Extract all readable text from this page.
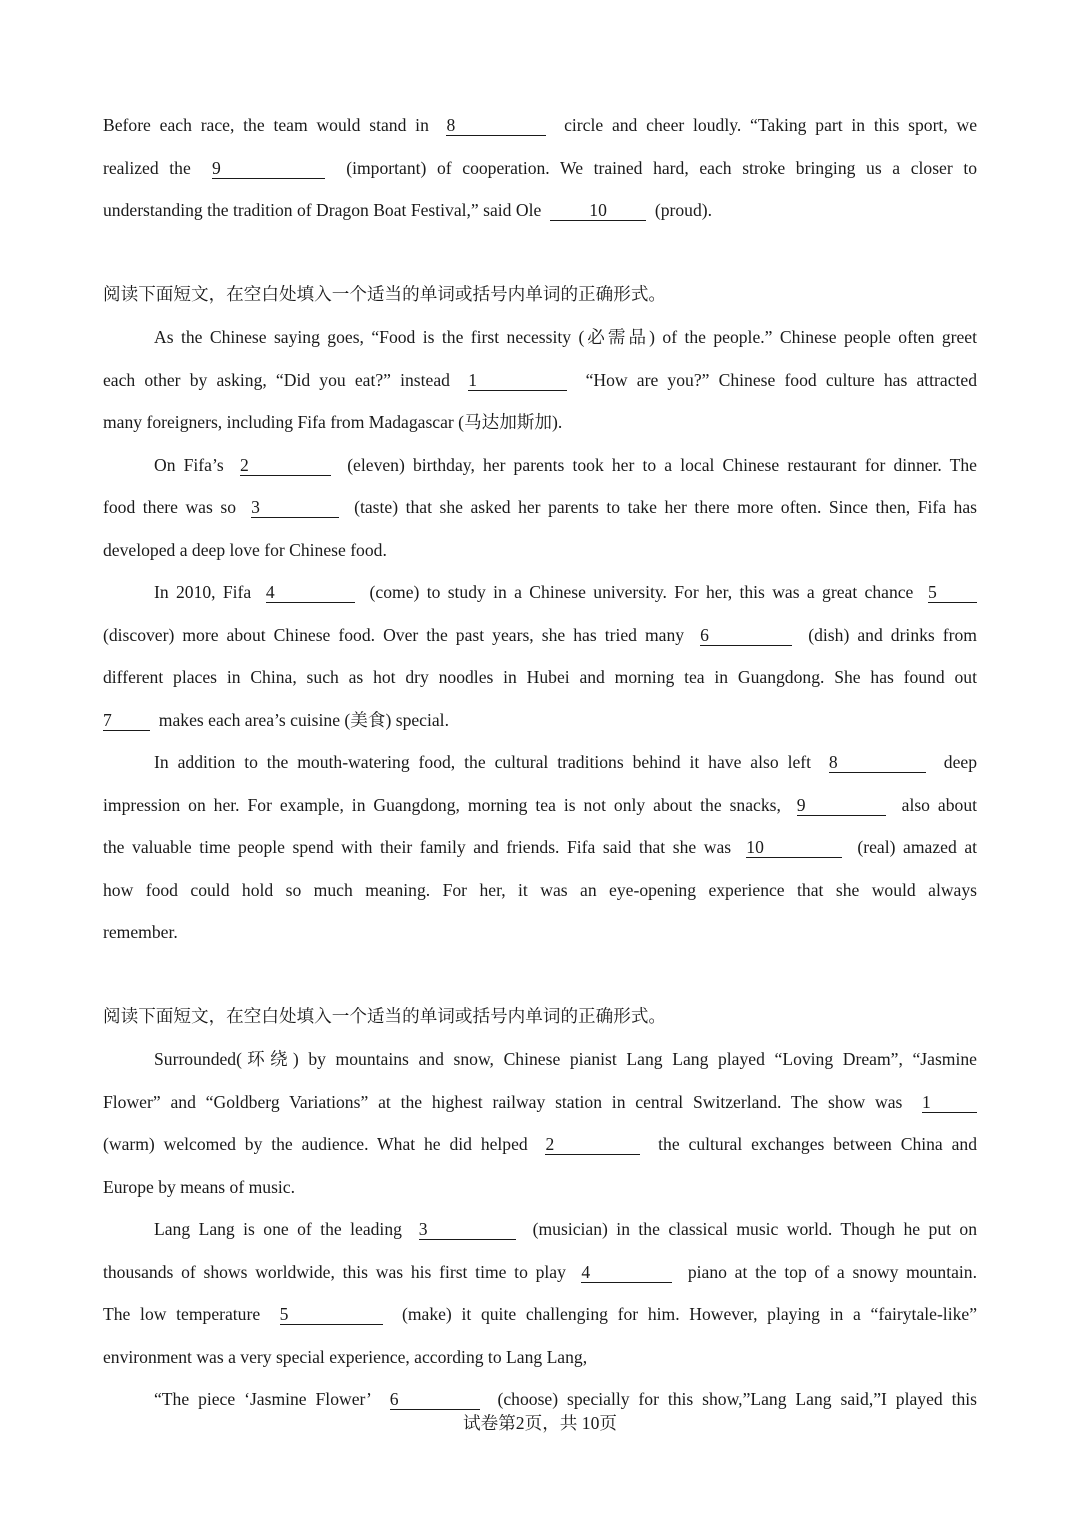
Before each race, the team would stand in 8	circle and cheer loudly. “Taking part in this sport, we
realized the 9	(important) of cooperation. We trained hard, each stroke bringing us a closer to
understanding the tradition of Dragon Boat Festival,” said Ole	10	(proud).
阅读下面短文，在空白处填入一个适当的单词或括号内单词的正确形式。
As the Chinese saying goes, “Food is the first necessity (必需品) of the people.” Chinese people often greet
each other by asking, “Did you eat?” instead 1	“How are you?” Chinese food culture has attracted
many foreigners, including Fifa from Madagascar (马达加斯加).
On Fifa’s 2	(eleven) birthday, her parents took her to a local Chinese restaurant for dinner. The
food there was so 3	(taste) that she asked her parents to take her there more often. Since then, Fifa has
developed a deep love for Chinese food.
In 2010, Fifa 4	(come) to study in a Chinese university. For her, this was a great chance 5
(discover) more about Chinese food. Over the past years, she has tried many 6	(dish) and drinks from
different places in China, such as hot dry noodles in Hubei and morning tea in Guangdong. She has found out
7	makes each area’s cuisine (美食) special.
In addition to the mouth-watering food, the cultural traditions behind it have also left 8	deep
impression on her. For example, in Guangdong, morning tea is not only about the snacks, 9	also about
the valuable time people spend with their family and friends. Fifa said that she was 10	(real) amazed at
how food could hold so much meaning. For her, it was an eye-opening experience that she would always
remember.
阅读下面短文，在空白处填入一个适当的单词或括号内单词的正确形式。
Surrounded(环绕) by mountains and snow, Chinese pianist Lang Lang played “Loving Dream”, “Jasmine
Flower” and “Goldberg Variations” at the highest railway station in central Switzerland. The show was 1
(warm) welcomed by the audience. What he did helped 2	the cultural exchanges between China and
Europe by means of music.
Lang Lang is one of the leading 3	(musician) in the classical music world. Though he put on
thousands of shows worldwide, this was his first time to play 4	piano at the top of a snowy mountain.
The low temperature 5	(make) it quite challenging for him. However, playing in a “fairytale-like”
environment was a very special experience, according to Lang Lang,
“The piece ‘Jasmine Flower’ 6	(choose) specially for this show,”Lang Lang said,”I played this
试卷第2页，共 10页
